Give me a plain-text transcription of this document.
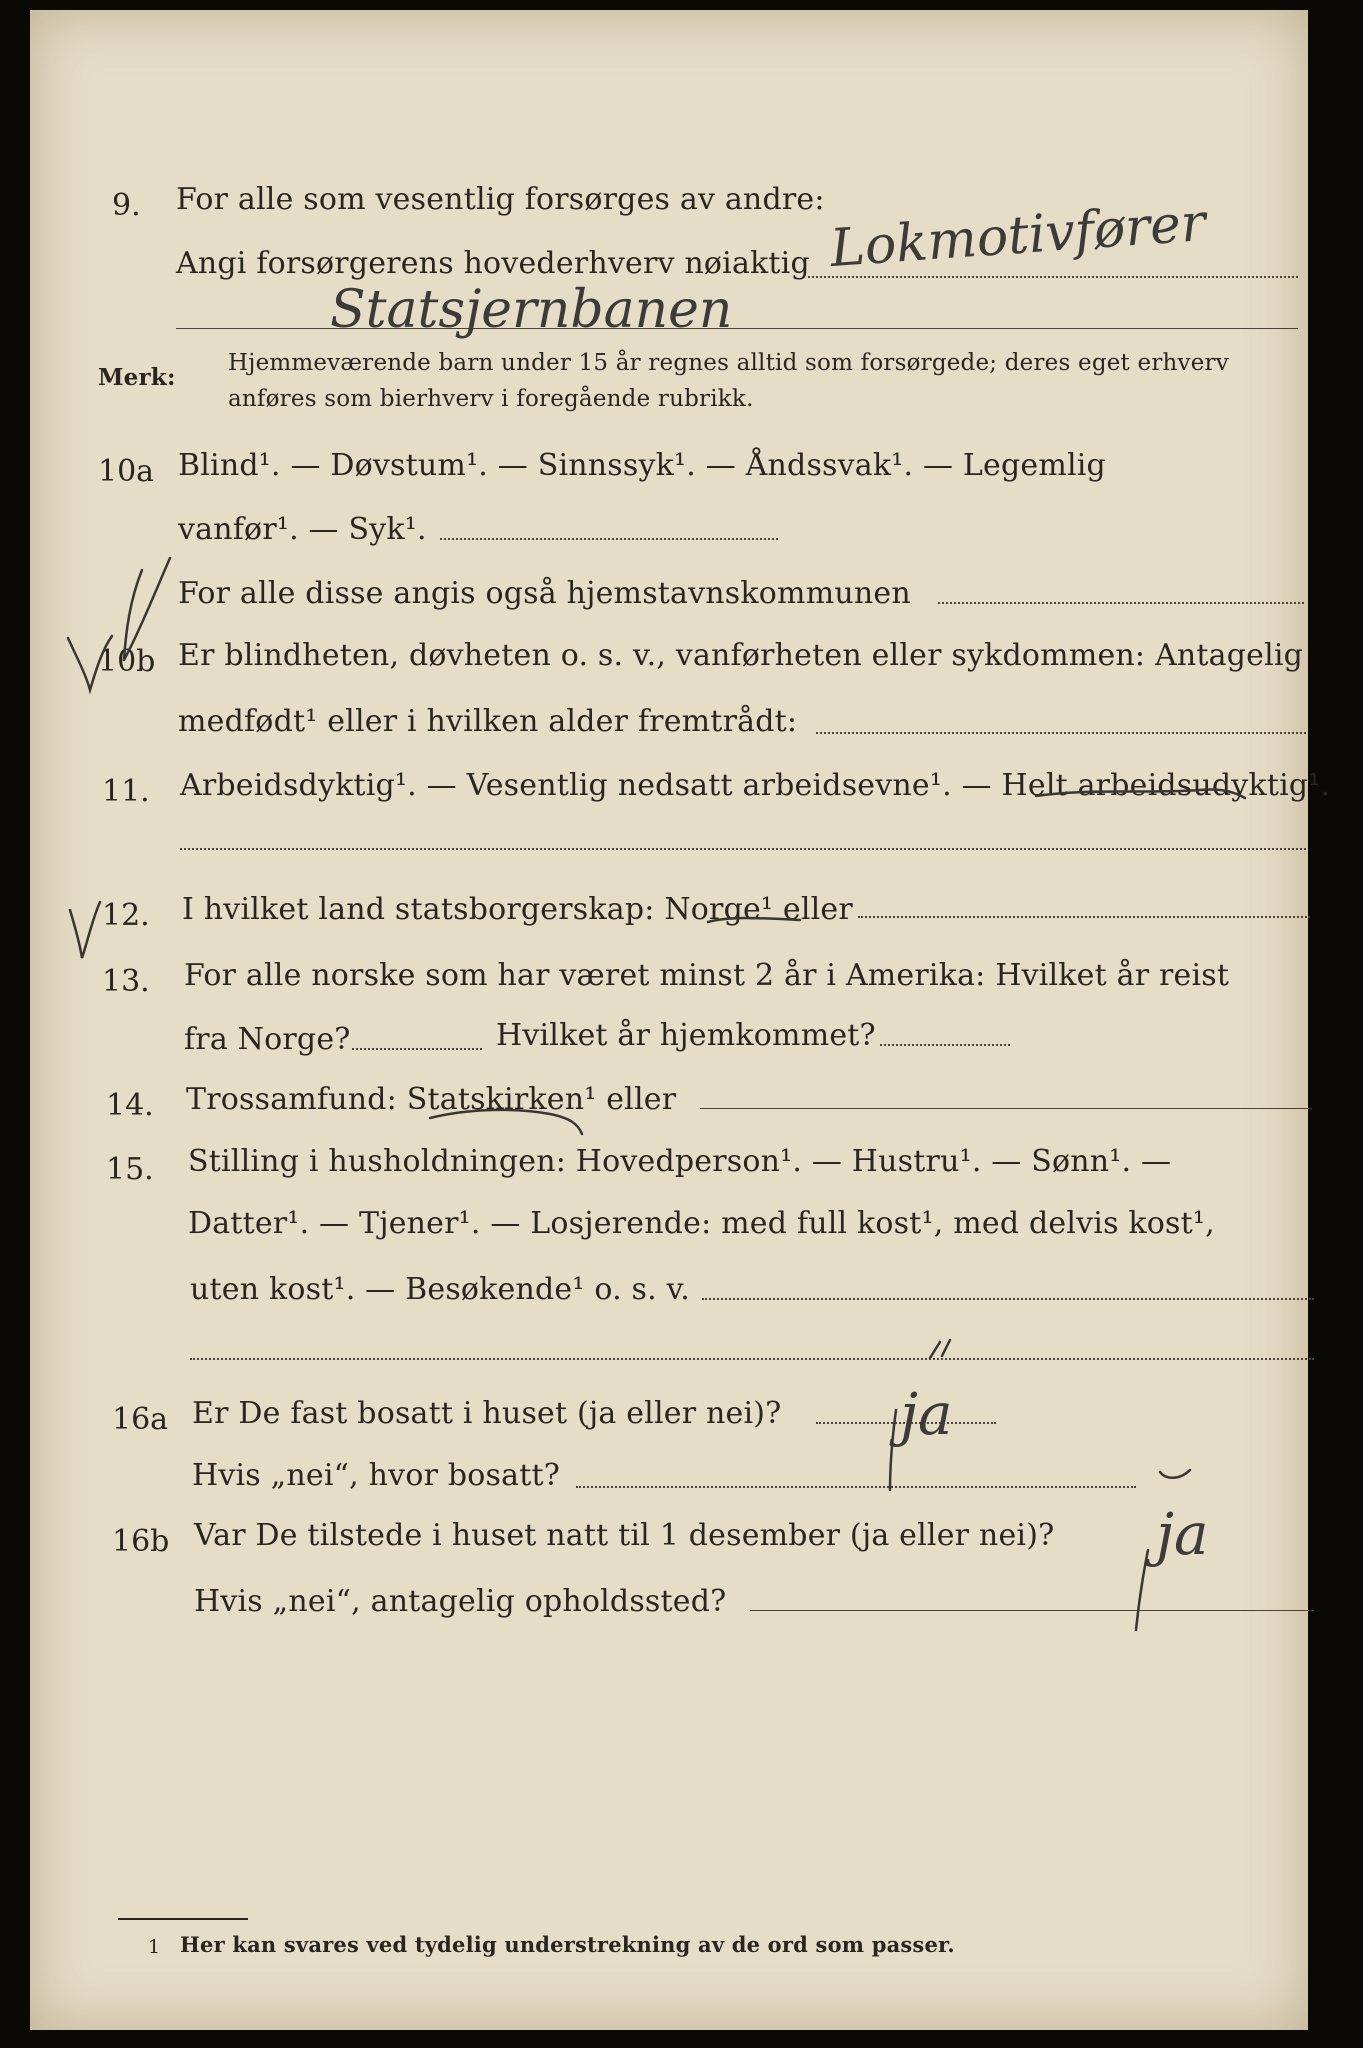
9. For alle som vesentlig forsørges av andre:
Angi forsørgerens hovederhverv nøiaktig Lokmotivfører
Statsjernbanen
Merk:
Hjemmeværende barn under 15 år regnes alltid som forsørgede; deres eget erhverv
anføres som bierhverv i foregående rubrikk.
10a Blind¹. — Døvstum¹. — Sinnssyk¹. — Åndssvak¹. — Legemlig
vanfør¹. — Syk¹.
For alle disse angis også hjemstavnskommunen
10b Er blindheten, døvheten o. s. v., vanførheten eller sykdommen: Antagelig
medfødt¹ eller i hvilken alder fremtrådt:
11. Arbeidsdyktig¹. — Vesentlig nedsatt arbeidsevne¹. — Helt arbeidsudyktig¹.
12. I hvilket land statsborgerskap: Norge¹ eller
13. For alle norske som har været minst 2 år i Amerika: Hvilket år reist
fra Norge?	Hvilket år hjemkommet?
14. Trossamfund: Statskirken¹ eller
15. Stilling i husholdningen: Hovedperson¹. — Hustru¹. — Sønn¹. —
Datter¹. — Tjener¹. — Losjerende: med full kost¹, med delvis kost¹,
uten kost¹. — Besøkende¹ o. s. v.
16a Er De fast bosatt i huset (ja eller nei)?
Hvis „nei“, hvor bosatt?
ja
16b Var De tilstede i huset natt til 1 desember (ja eller nei)?
Hvis „nei“, antagelig opholdssted?
ja
1 Her kan svares ved tydelig understrekning av de ord som passer.
